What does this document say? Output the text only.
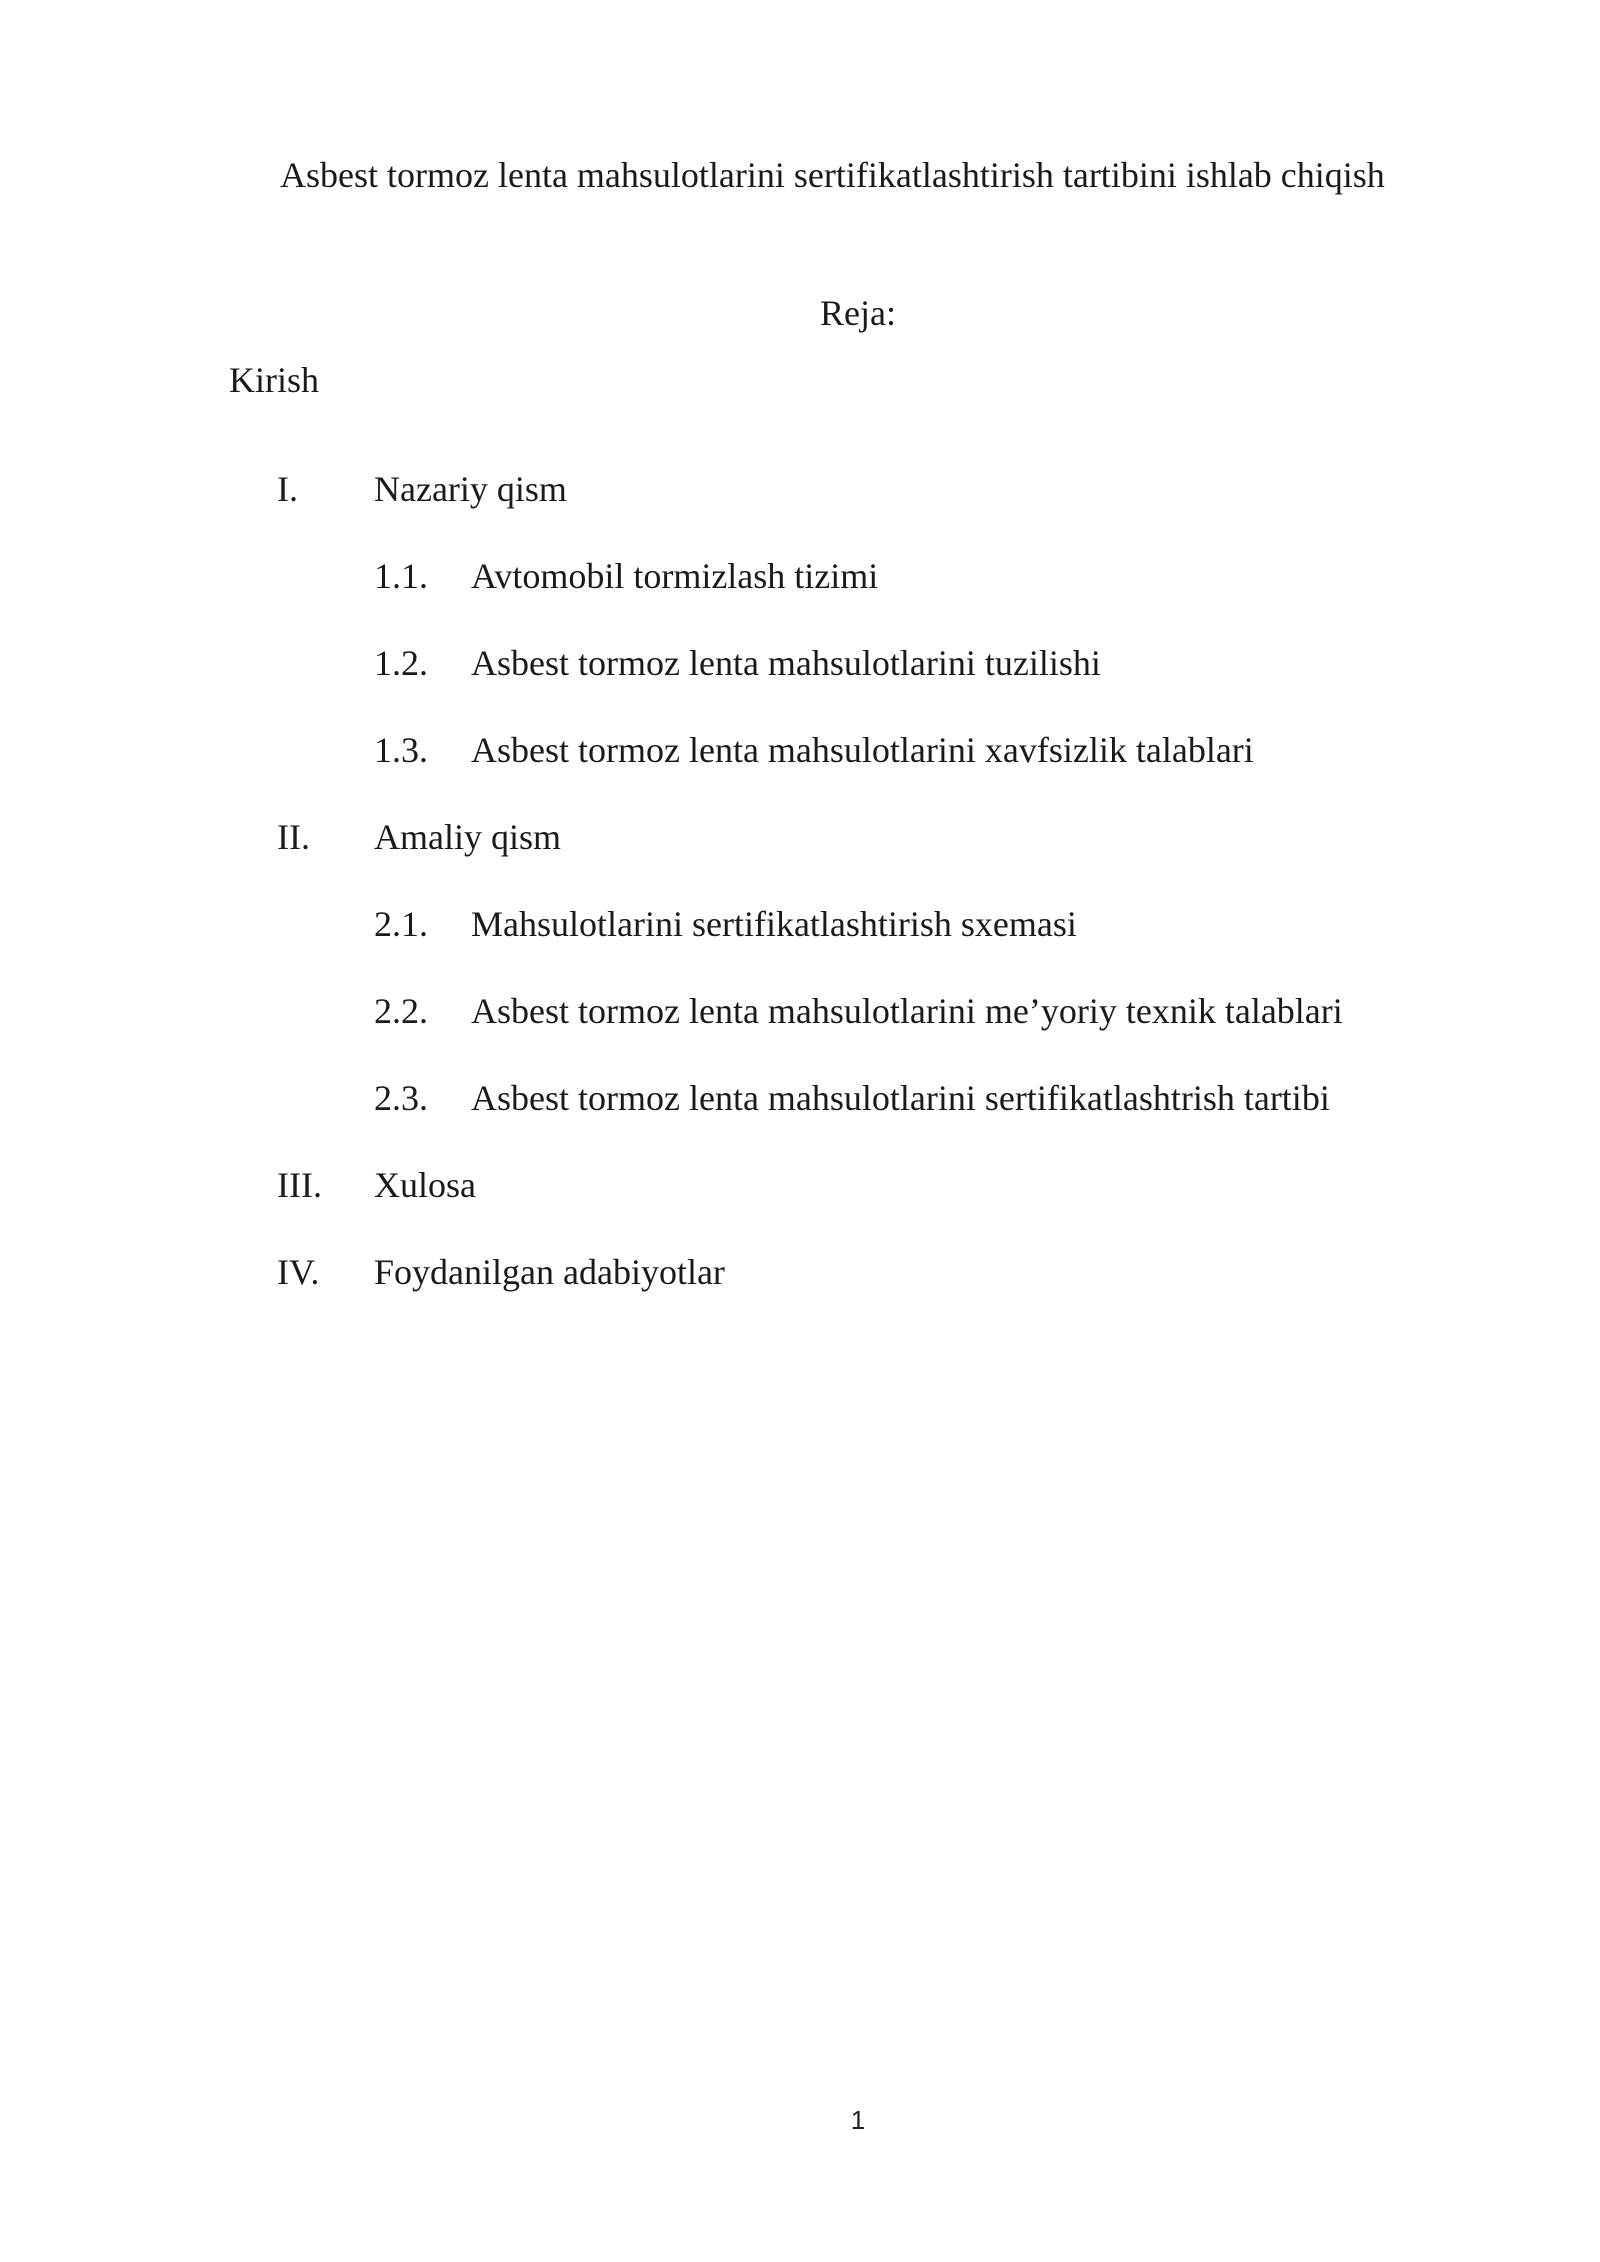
Asbest tormoz lenta mahsulotlarini sertifikatlashtirish tartibini ishlab chiqish
Reja:
Kirish
I. Nazariy qism
1.1. Avtomobil tormizlash tizimi
1.2. Asbest tormoz lenta mahsulotlarini tuzilishi
1.3. Asbest tormoz lenta mahsulotlarini xavfsizlik talablari
II. Amaliy qism
2.1. Mahsulotlarini sertifikatlashtirish sxemasi
2.2. Asbest tormoz lenta mahsulotlarini me’yoriy texnik talablari
2.3. Asbest tormoz lenta mahsulotlarini sertifikatlashtrish tartibi
III. Xulosa
IV. Foydanilgan adabiyotlar
1
